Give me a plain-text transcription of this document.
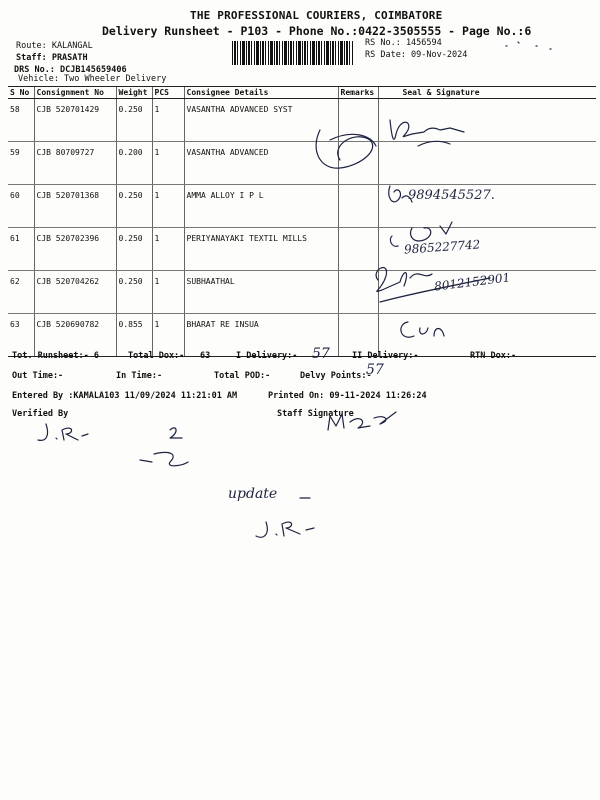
THE PROFESSIONAL COURIERS, COIMBATORE
Delivery Runsheet - P103 - Phone No.:0422-3505555 - Page No.:6
Route: KALANGAL
Staff: PRASATH
DRS No.: DCJB145659406
Vehicle: Two Wheeler Delivery
RS No.: 1456594
RS Date: 09-Nov-2024
S No	Consignment No	Weight	PCS	Consignee Details	Remarks	Seal & Signature
58	CJB 520701429	0.250	1	VASANTHA ADVANCED SYST		
59	CJB 80709727	0.200	1	VASANTHA ADVANCED		
60	CJB 520701368	0.250	1	AMMA ALLOY I P L		
61	CJB 520702396	0.250	1	PERIYANAYAKI TEXTIL MILLS		
62	CJB 520704262	0.250	1	SUBHAATHAL		
63	CJB 520690782	0.855	1	BHARAT RE INSUA		
Tot. Runsheet:- 6	Total Dox:- 63	I Delivery:-	II Delivery:-	RTN Dox:-
Out Time:-	In Time:-	Total POD:-	Delvy Points:-
Entered By :KAMALA103 11/09/2024 11:21:01 AM	Printed On: 09-11-2024 11:26:24
Verified By	Staff Signature
9894545527.
9865227742
8012152901
57
57
update
